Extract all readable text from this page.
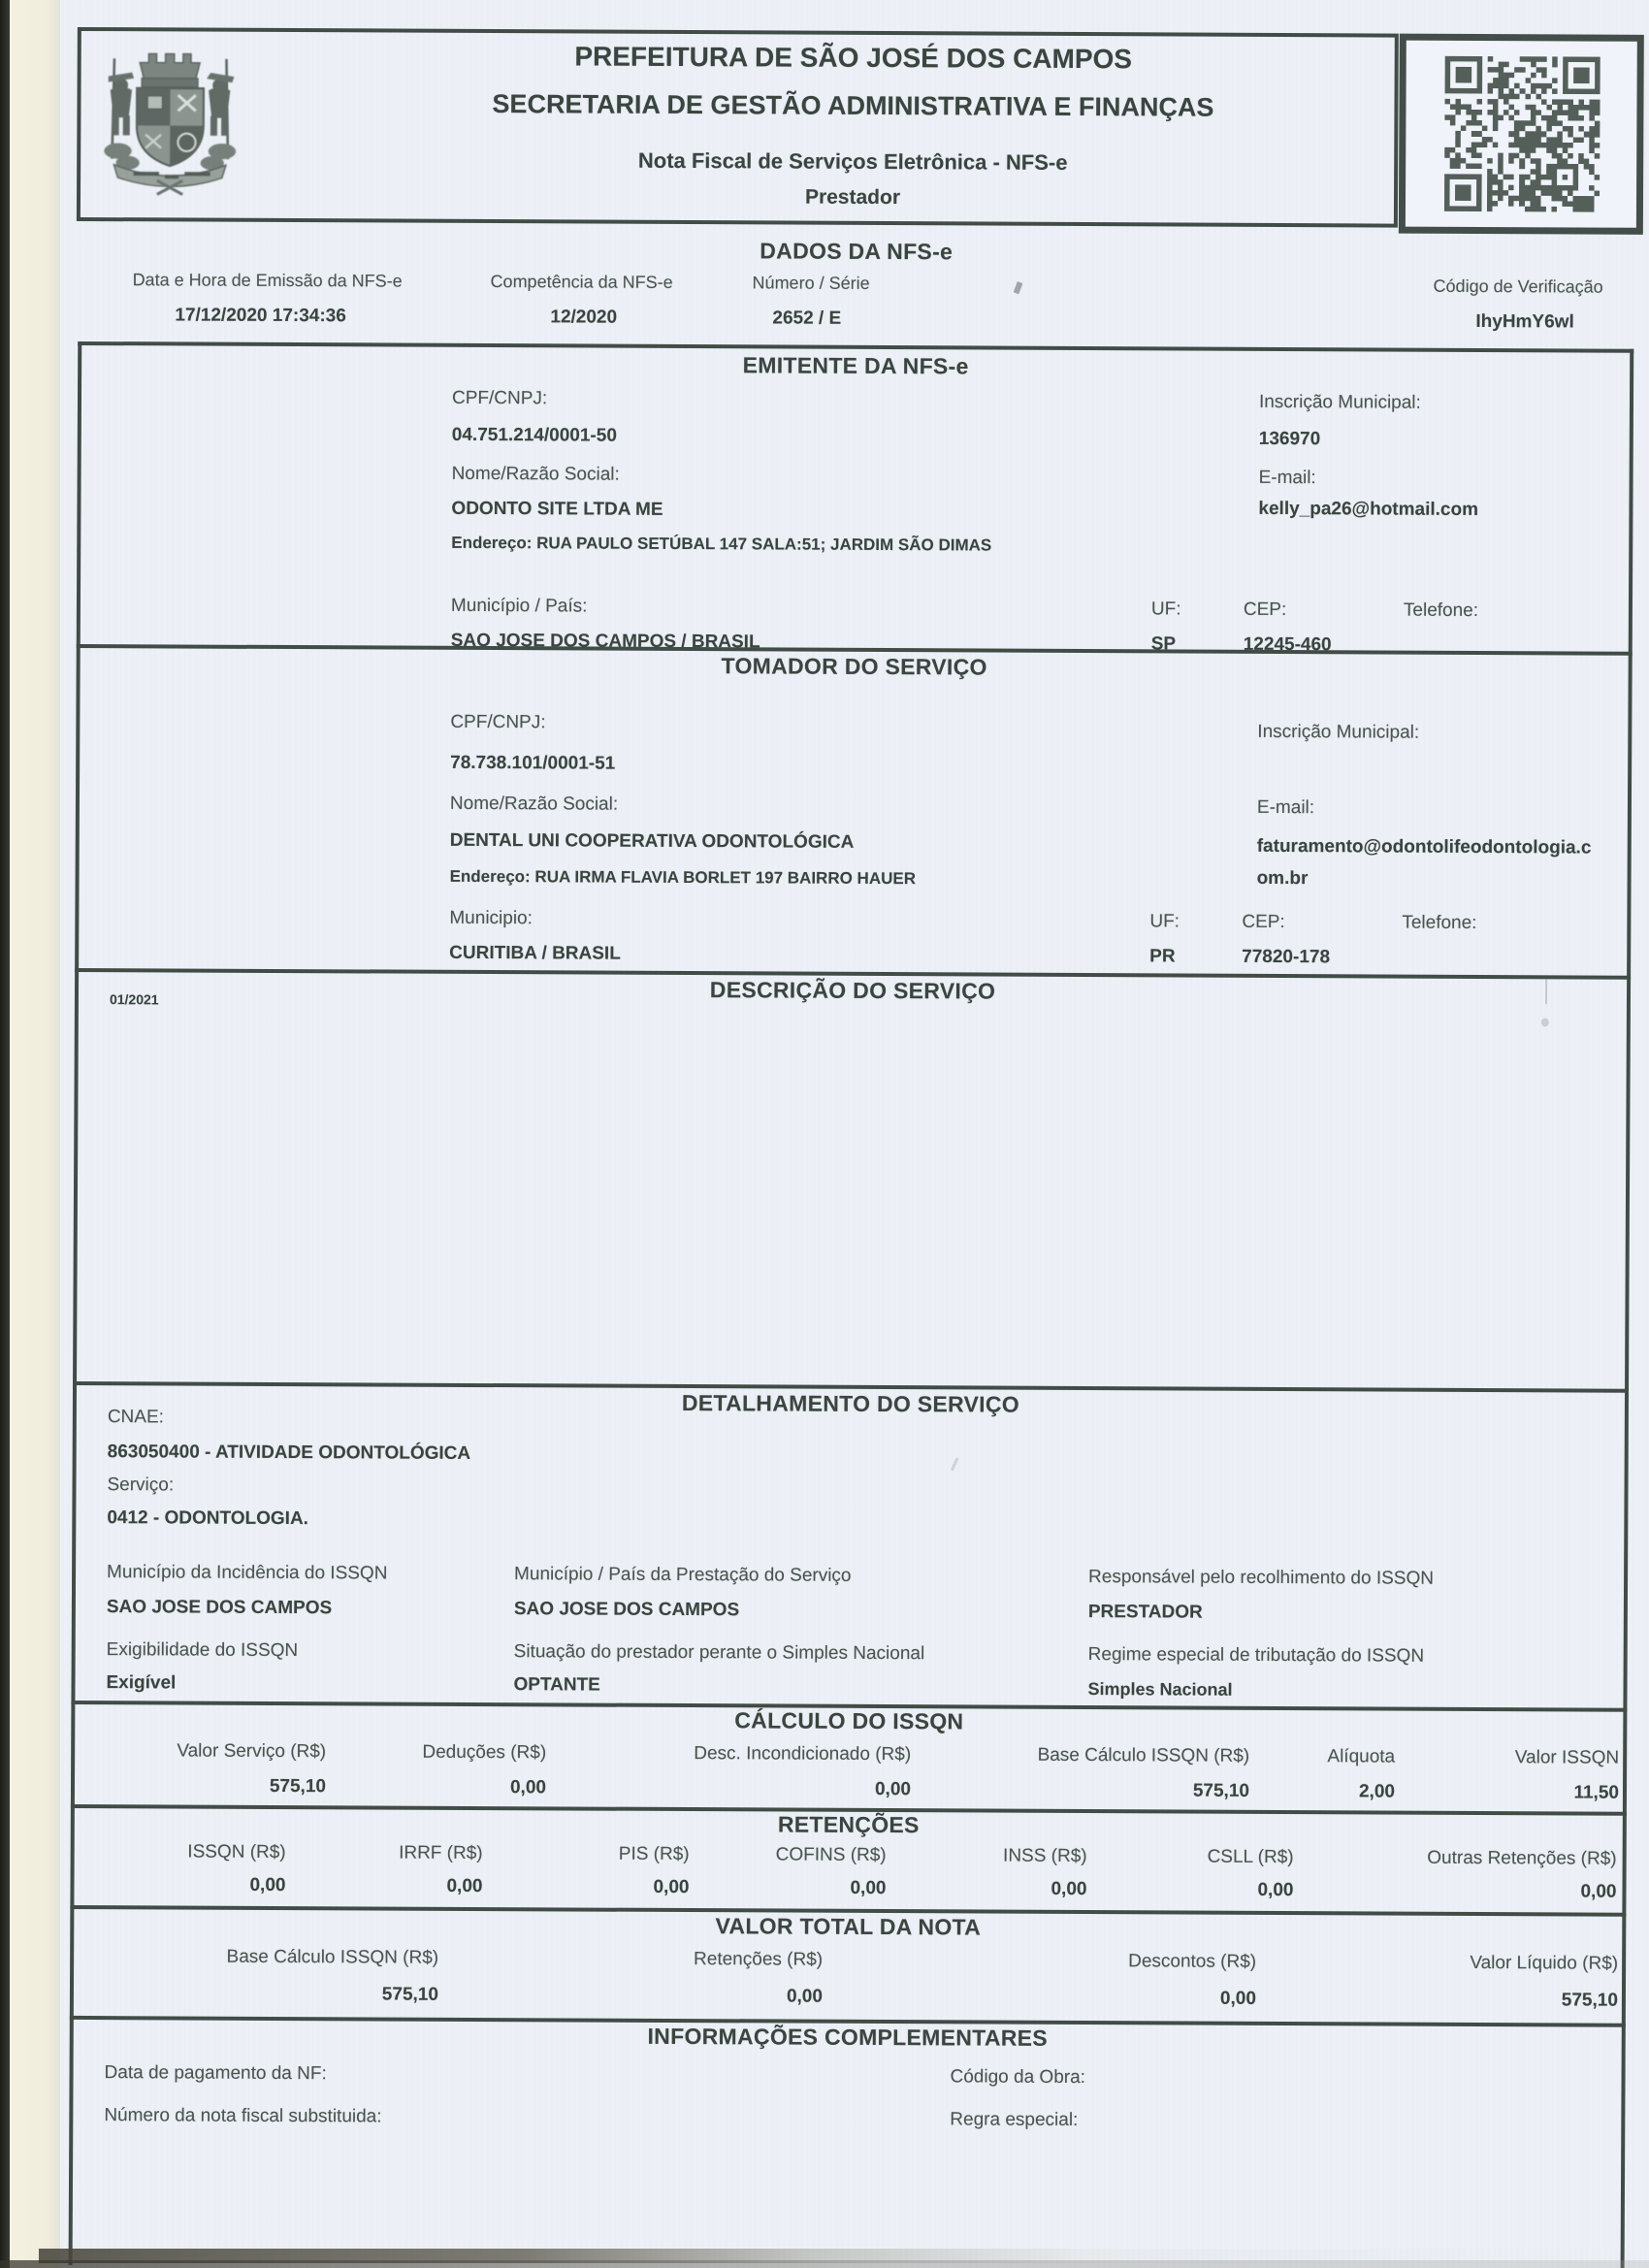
PREFEITURA DE SÃO JOSÉ DOS CAMPOS
SECRETARIA DE GESTÃO ADMINISTRATIVA E FINANÇAS
Nota Fiscal de Serviços Eletrônica - NFS-e
Prestador
DADOS DA NFS-e
Data e Hora de Emissão da NFS-e	Competência da NFS-e	Número / Série	Código de Verificação
17/12/2020 17:34:36	12/2020	2652 / E	IhyHmY6wl
EMITENTE DA NFS-e
CPF/CNPJ:
04.751.214/0001-50
Inscrição Municipal:
136970
Nome/Razão Social:
ODONTO SITE LTDA ME
E-mail:
kelly_pa26@hotmail.com
Endereço: RUA PAULO SETÚBAL 147 SALA:51; JARDIM SÃO DIMAS
Município / País:
SAO JOSE DOS CAMPOS / BRASIL
UF:
SP
CEP:
12245-460
Telefone:
TOMADOR DO SERVIÇO
CPF/CNPJ:
78.738.101/0001-51
Inscrição Municipal:
Nome/Razão Social:
DENTAL UNI COOPERATIVA ODONTOLÓGICA
E-mail:
faturamento@odontolifeodontologia.com.br
Endereço: RUA IRMA FLAVIA BORLET 197 BAIRRO HAUER
Municipio:
CURITIBA / BRASIL
UF:
PR
CEP:
77820-178
Telefone:
DESCRIÇÃO DO SERVIÇO
01/2021
DETALHAMENTO DO SERVIÇO
CNAE:
863050400 - ATIVIDADE ODONTOLÓGICA
Serviço:
0412 - ODONTOLOGIA.
Município da Incidência do ISSQN	Município / País da Prestação do Serviço	Responsável pelo recolhimento do ISSQN
SAO JOSE DOS CAMPOS	SAO JOSE DOS CAMPOS	PRESTADOR
Exigibilidade do ISSQN	Situação do prestador perante o Simples Nacional	Regime especial de tributação do ISSQN
Exigível	OPTANTE	Simples Nacional
CÁLCULO DO ISSQN
Valor Serviço (R$)	Deduções (R$)	Desc. Incondicionado (R$)	Base Cálculo ISSQN (R$)	Alíquota	Valor ISSQN
575,10	0,00	0,00	575,10	2,00	11,50
RETENÇÕES
ISSQN (R$)	IRRF (R$)	PIS (R$)	COFINS (R$)	INSS (R$)	CSLL (R$)	Outras Retenções (R$)
0,00	0,00	0,00	0,00	0,00	0,00	0,00
VALOR TOTAL DA NOTA
Base Cálculo ISSQN (R$)	Retenções (R$)	Descontos (R$)	Valor Líquido (R$)
575,10	0,00	0,00	575,10
INFORMAÇÕES COMPLEMENTARES
Data de pagamento da NF:
Número da nota fiscal substituida:
Código da Obra:
Regra especial:
